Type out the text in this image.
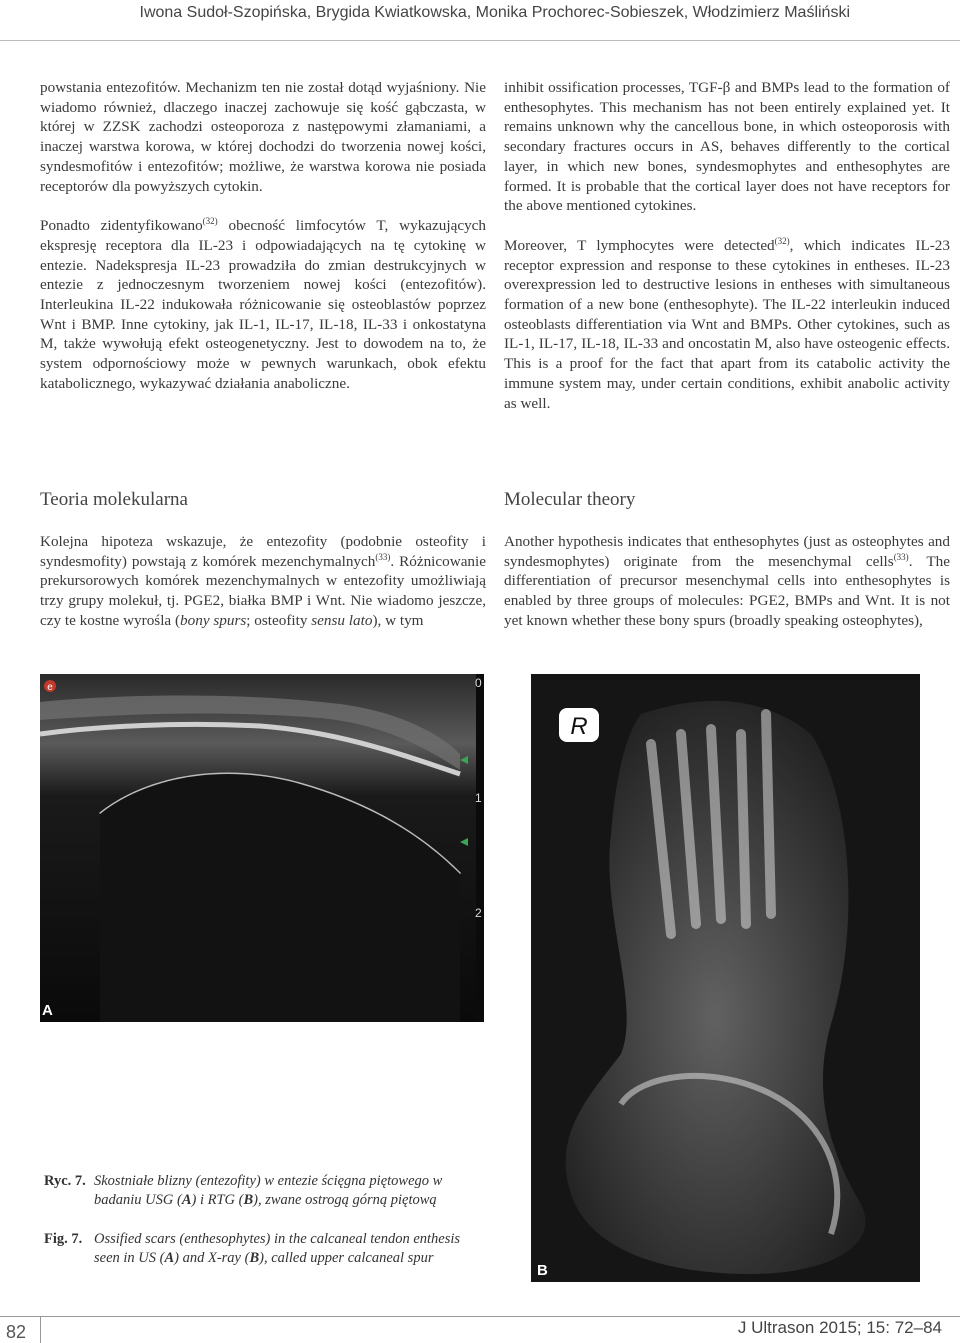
Iwona Sudoł-Szopińska, Brygida Kwiatkowska, Monika Prochorec-Sobieszek, Włodzimierz Maśliński

powstania entezofitów. Mechanizm ten nie został dotąd wyjaśniony. Nie wiadomo również, dlaczego inaczej zachowuje się kość gąbczasta, w której w ZZSK zachodzi osteoporoza z następowymi złamaniami, a inaczej warstwa korowa, w której dochodzi do tworzenia nowej kości, syndesmofitów i entezofitów; możliwe, że warstwa korowa nie posiada receptorów dla powyższych cytokin.

Ponadto zidentyfikowano$^{(32)}$ obecność limfocytów T, wykazujących ekspresję receptora dla IL-23 i odpowiadających na tę cytokinę w entezie. Nadekspresja IL-23 prowadziła do zmian destrukcyjnych w entezie z jednoczesnym tworzeniem nowej kości (entezofitów). Interleukina IL-22 indukowała różnicowanie się osteoblastów poprzez Wnt i BMP. Inne cytokiny, jak IL-1, IL-17, IL-18, IL-33 i onkostatyna M, także wywołują efekt osteogenetyczny. Jest to dowodem na to, że system odpornościowy może w pewnych warunkach, obok efektu katabolicznego, wykazywać działania anaboliczne.

inhibit ossification processes, TGF-β and BMPs lead to the formation of enthesophytes. This mechanism has not been entirely explained yet. It remains unknown why the cancellous bone, in which osteoporosis with secondary fractures occurs in AS, behaves differently to the cortical layer, in which new bones, syndesmophytes and enthesophytes are formed. It is probable that the cortical layer does not have receptors for the above mentioned cytokines.

Moreover, T lymphocytes were detected$^{(32)}$, which indicates IL-23 receptor expression and response to these cytokines in entheses. IL-23 overexpression led to destructive lesions in entheses with simultaneous formation of a new bone (enthesophyte). The IL-22 interleukin induced osteoblasts differentiation via Wnt and BMPs. Other cytokines, such as IL-1, IL-17, IL-18, IL-33 and oncostatin M, also have osteogenic effects. This is a proof for the fact that apart from its catabolic activity the immune system may, under certain conditions, exhibit anabolic activity as well.

Teoria molekularna	Molecular theory

Kolejna hipoteza wskazuje, że entezofity (podobnie osteofity i syndesmofity) powstają z komórek mezenchymalnych$^{(33)}$. Różnicowanie prekursorowych komórek mezenchymalnych w entezofity umożliwiają trzy grupy molekuł, tj. PGE2, białka BMP i Wnt. Nie wiadomo jeszcze, czy te kostne wyrośla (bony spurs; osteofity sensu lato), w tym

Another hypothesis indicates that enthesophytes (just as osteophytes and syndesmophytes) originate from the mesenchymal cells$^{(33)}$. The differentiation of precursor mesenchymal cells into enthesophytes is enabled by three groups of molecules: PGE2, BMPs and Wnt. It is not yet known whether these bony spurs (broadly speaking osteophytes),

e	0
1
2
A
R
B
Ryc. 7. Skostniałe blizny (entezofity) w entezie ścięgna piętowego w badaniu USG (A) i RTG (B), zwane ostrogą górną piętową
Fig. 7. Ossified scars (enthesophytes) in the calcaneal tendon enthesis seen in US (A) and X-ray (B), called upper calcaneal spur
82	J Ultrason 2015; 15: 72–84
